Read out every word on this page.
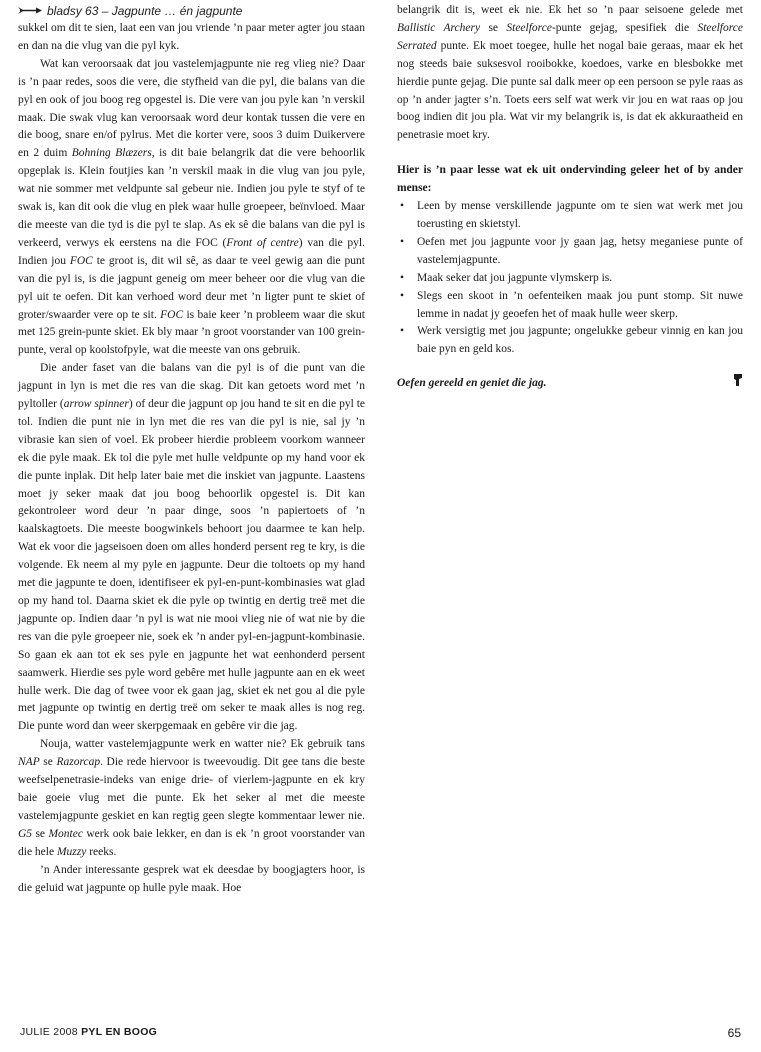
bladsy 63 – Jagpunte … én jagpunte

sukkel om dit te sien, laat een van jou vriende ’n paar meter agter jou staan en dan na die vlug van die pyl kyk.

Wat kan veroorsaak dat jou vastelemjagpunte nie reg vlieg nie? Daar is ’n paar redes, soos die vere, die styfheid van die pyl, die balans van die pyl en ook of jou boog reg opgestel is. Die vere van jou pyle kan ’n verskil maak. Die swak vlug kan veroorsaak word deur kontak tussen die vere en die boog, snare en/of pylrus. Met die korter vere, soos 3 duim Duikervere en 2 duim Bohning Blæzers, is dit baie belangrik dat die vere behoorlik opgeplak is. Klein foutjies kan ’n verskil maak in die vlug van jou pyle, wat nie sommer met veldpunte sal gebeur nie. Indien jou pyle te styf of te swak is, kan dit ook die vlug en plek waar hulle groepeer, beïnvloed. Maar die meeste van die tyd is die pyl te slap. As ek sê die balans van die pyl is verkeerd, verwys ek eerstens na die FOC (Front of centre) van die pyl. Indien jou FOC te groot is, dit wil sê, as daar te veel gewig aan die punt van die pyl is, is die jagpunt geneig om meer beheer oor die vlug van die pyl uit te oefen. Dit kan verhoed word deur met ’n ligter punt te skiet of groter/swaarder vere op te sit. FOC is baie keer ’n probleem waar die skut met 125 grein-punte skiet. Ek bly maar ’n groot voorstander van 100 grein-punte, veral op koolstofpyle, wat die meeste van ons gebruik.

Die ander faset van die balans van die pyl is of die punt van die jagpunt in lyn is met die res van die skag. Dit kan getoets word met ’n pyltoller (arrow spinner) of deur die jagpunt op jou hand te sit en die pyl te tol. Indien die punt nie in lyn met die res van die pyl is nie, sal jy ’n vibrasie kan sien of voel. Ek probeer hierdie probleem voorkom wanneer ek die pyle maak. Ek tol die pyle met hulle veldpunte op my hand voor ek die punte inplak. Dit help later baie met die inskiet van jagpunte. Laastens moet jy seker maak dat jou boog behoorlik opgestel is. Dit kan gekontroleer word deur ’n paar dinge, soos ’n papiertoets of ’n kaalskagtoets. Die meeste boogwinkels behoort jou daarmee te kan help. Wat ek voor die jagseisoen doen om alles honderd persent reg te kry, is die volgende. Ek neem al my pyle en jagpunte. Deur die toltoets op my hand met die jagpunte te doen, identifiseer ek pyl-en-punt-kombinasies wat glad op my hand tol. Daarna skiet ek die pyle op twintig en dertig treë met die jagpunte op. Indien daar ’n pyl is wat nie mooi vlieg nie of wat nie by die res van die pyle groepeer nie, soek ek ’n ander pyl-en-jagpunt-kombinasie. So gaan ek aan tot ek ses pyle en jagpunte het wat eenhonderd persent saamwerk. Hierdie ses pyle word gebêre met hulle jagpunte aan en ek weet hulle werk. Die dag of twee voor ek gaan jag, skiet ek net gou al die pyle met jagpunte op twintig en dertig treë om seker te maak alles is nog reg. Die punte word dan weer skerpgemaak en gebêre vir die jag.

Nouja, watter vastelemjagpunte werk en watter nie? Ek gebruik tans NAP se Razorcap. Die rede hiervoor is tweevoudig. Dit gee tans die beste weefselpenetrasie-indeks van enige drie- of vierlem-jagpunte en ek kry baie goeie vlug met die punte. Ek het seker al met die meeste vastelemjagpunte geskiet en kan regtig geen slegte kommentaar lewer nie. G5 se Montec werk ook baie lekker, en dan is ek ’n groot voorstander van die hele Muzzy reeks.

’n Ander interessante gesprek wat ek deesdae by boogjagters hoor, is die geluid wat jagpunte op hulle pyle maak. Hoe

belangrik dit is, weet ek nie. Ek het so ’n paar seisoene gelede met Ballistic Archery se Steelforce-punte gejag, spesifiek die Steelforce Serrated punte. Ek moet toegee, hulle het nogal baie geraas, maar ek het nog steeds baie suksesvol rooibokke, koedoes, varke en blesbokke met hierdie punte gejag. Die punte sal dalk meer op een persoon se pyle raas as op ’n ander jagter s’n. Toets eers self wat werk vir jou en wat raas op jou boog indien dit jou pla. Wat vir my belangrik is, is dat ek akkuraatheid en penetrasie moet kry.

Hier is ’n paar lesse wat ek uit ondervinding geleer het of by ander mense:

• Leen by mense verskillende jagpunte om te sien wat werk met jou toerusting en skietstyl.
• Oefen met jou jagpunte voor jy gaan jag, hetsy meganiese punte of vastelemjagpunte.
• Maak seker dat jou jagpunte vlymskerp is.
• Slegs een skoot in ’n oefenteiken maak jou punt stomp. Sit nuwe lemme in nadat jy geoefen het of maak hulle weer skerp.
• Werk versigtig met jou jagpunte; ongelukke gebeur vinnig en kan jou baie pyn en geld kos.

Oefen gereeld en geniet die jag.

JULIE 2008 PYL EN BOOG	65
